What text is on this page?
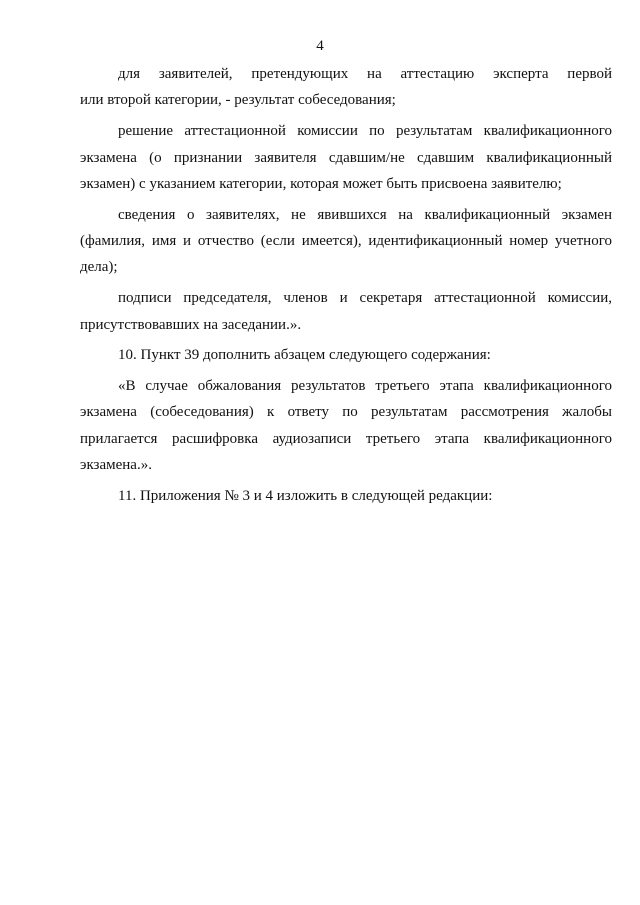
4

для заявителей, претендующих на аттестацию эксперта первой
или второй категории, - результат собеседования;

решение аттестационной комиссии по результатам квалификационного
экзамена (о признании заявителя сдавшим/не сдавшим квалификационный
экзамен) с указанием категории, которая может быть присвоена заявителю;

сведения о заявителях, не явившихся на квалификационный экзамен
(фамилия, имя и отчество (если имеется), идентификационный номер учетного
дела);

подписи председателя, членов и секретаря аттестационной комиссии,
присутствовавших на заседании.».

10. Пункт 39 дополнить абзацем следующего содержания:

«В случае обжалования результатов третьего этапа квалификационного
экзамена (собеседования) к ответу по результатам рассмотрения жалобы
прилагается расшифровка аудиозаписи третьего этапа квалификационного
экзамена.».

11. Приложения № 3 и 4 изложить в следующей редакции:
